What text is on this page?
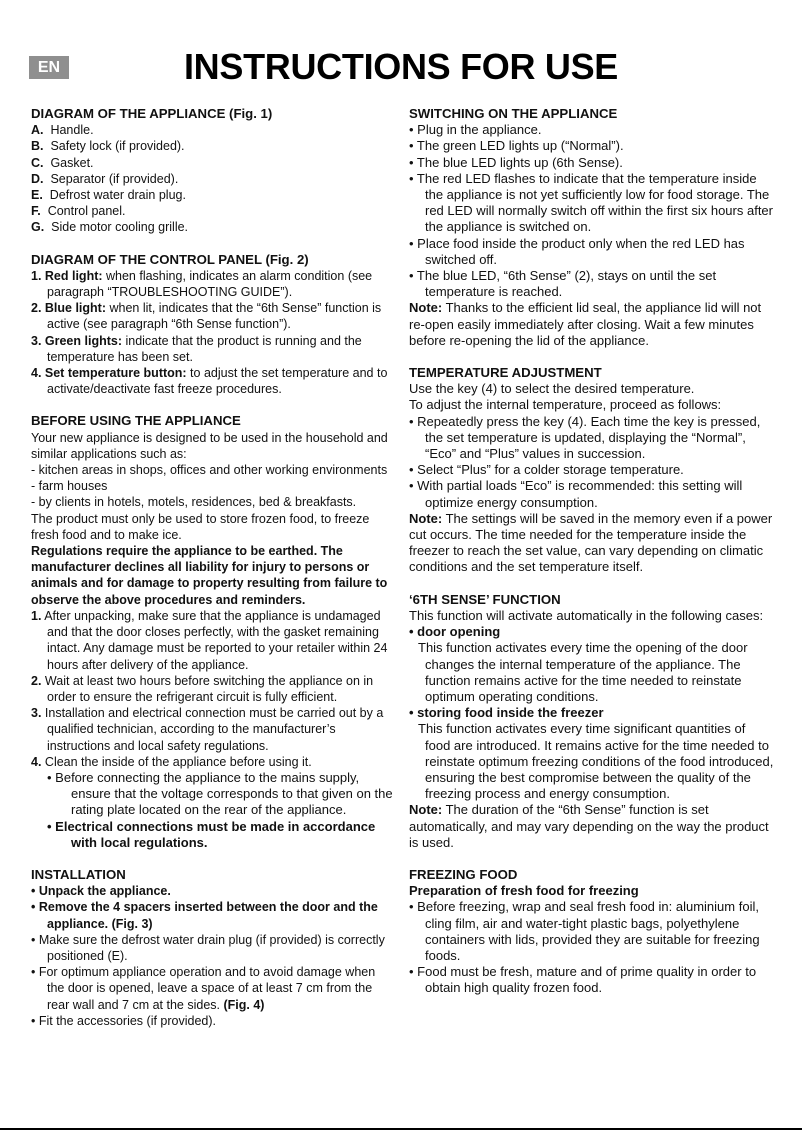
EN	INSTRUCTIONS FOR USE
DIAGRAM OF THE APPLIANCE (Fig. 1)

A. Handle.

B. Safety lock (if provided).

C. Gasket.

D. Separator (if provided).

E. Defrost water drain plug.

F. Control panel.

G. Side motor cooling grille.

DIAGRAM OF THE CONTROL PANEL (Fig. 2)

1. Red light: when flashing, indicates an alarm condition (see paragraph “TROUBLESHOOTING GUIDE”).

2. Blue light: when lit, indicates that the “6th Sense” function is active (see paragraph “6th Sense function”).

3. Green lights: indicate that the product is running and the temperature has been set.

4. Set temperature button: to adjust the set temperature and to activate/deactivate fast freeze procedures.

BEFORE USING THE APPLIANCE

Your new appliance is designed to be used in the household and similar applications such as:

- kitchen areas in shops, offices and other working environments

- farm houses

- by clients in hotels, motels, residences, bed & breakfasts.

The product must only be used to store frozen food, to freeze fresh food and to make ice.

Regulations require the appliance to be earthed. The manufacturer declines all liability for injury to persons or animals and for damage to property resulting from failure to observe the above procedures and reminders.

1. After unpacking, make sure that the appliance is undamaged and that the door closes perfectly, with the gasket remaining intact. Any damage must be reported to your retailer within 24 hours after delivery of the appliance.

2. Wait at least two hours before switching the appliance on in order to ensure the refrigerant circuit is fully efficient.

3. Installation and electrical connection must be carried out by a qualified technician, according to the manufacturer’s instructions and local safety regulations.

4. Clean the inside of the appliance before using it.

• Before connecting the appliance to the mains supply, ensure that the voltage corresponds to that given on the rating plate located on the rear of the appliance.

• Electrical connections must be made in accordance with local regulations.

INSTALLATION

• Unpack the appliance.

• Remove the 4 spacers inserted between the door and the appliance. (Fig. 3)

• Make sure the defrost water drain plug (if provided) is correctly positioned (E).

• For optimum appliance operation and to avoid damage when the door is opened, leave a space of at least 7 cm from the rear wall and 7 cm at the sides. (Fig. 4)

• Fit the accessories (if provided).

SWITCHING ON THE APPLIANCE

• Plug in the appliance.

• The green LED lights up (“Normal”).

• The blue LED lights up (6th Sense).

• The red LED flashes to indicate that the temperature inside the appliance is not yet sufficiently low for food storage. The red LED will normally switch off within the first six hours after the appliance is switched on.

• Place food inside the product only when the red LED has switched off.

• The blue LED, “6th Sense” (2), stays on until the set temperature is reached.

Note: Thanks to the efficient lid seal, the appliance lid will not re-open easily immediately after closing. Wait a few minutes before re-opening the lid of the appliance.

TEMPERATURE ADJUSTMENT

Use the key (4) to select the desired temperature.

To adjust the internal temperature, proceed as follows:

• Repeatedly press the key (4). Each time the key is pressed, the set temperature is updated, displaying the “Normal”, “Eco” and “Plus” values in succession.

• Select “Plus” for a colder storage temperature.

• With partial loads “Eco” is recommended: this setting will optimize energy consumption.

Note: The settings will be saved in the memory even if a power cut occurs. The time needed for the temperature inside the freezer to reach the set value, can vary depending on climatic conditions and the set temperature itself.

‘6TH SENSE’ FUNCTION

This function will activate automatically in the following cases:

• door opening

This function activates every time the opening of the door changes the internal temperature of the appliance. The function remains active for the time needed to reinstate optimum operating conditions.

• storing food inside the freezer

This function activates every time significant quantities of food are introduced. It remains active for the time needed to reinstate optimum freezing conditions of the food introduced, ensuring the best compromise between the quality of the freezing process and energy consumption.

Note: The duration of the “6th Sense” function is set automatically, and may vary depending on the way the product is used.

FREEZING FOOD

Preparation of fresh food for freezing

• Before freezing, wrap and seal fresh food in: aluminium foil, cling film, air and water-tight plastic bags, polyethylene containers with lids, provided they are suitable for freezing foods.

• Food must be fresh, mature and of prime quality in order to obtain high quality frozen food.
